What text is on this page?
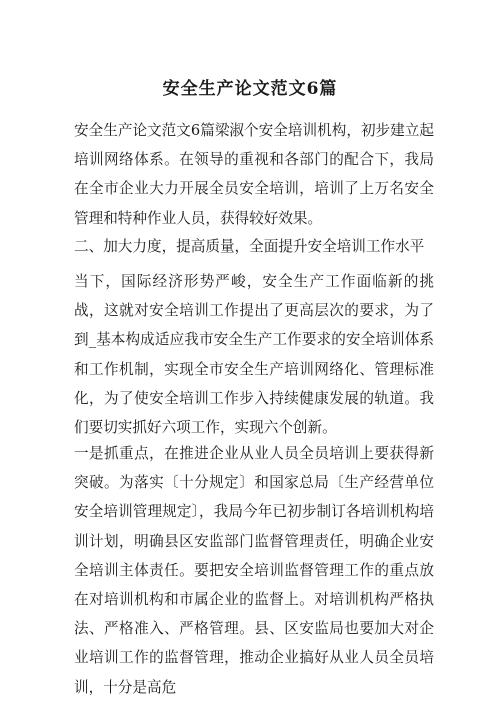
安全生产论文范文6篇

安全生产论文范文6篇梁淑个安全培训机构，初步建立起培训网络体系。在领导的重视和各部门的配合下，我局在全市企业大力开展全员安全培训，培训了上万名安全管理和特种作业人员，获得较好效果。

二、加大力度，提高质量，全面提升安全培训工作水平

当下，国际经济形势严峻，安全生产工作面临新的挑战，这就对安全培训工作提出了更高层次的要求，为了到_基本构成适应我市安全生产工作要求的安全培训体系和工作机制，实现全市安全生产培训网络化、管理标准化，为了使安全培训工作步入持续健康发展的轨道。我们要切实抓好六项工作，实现六个创新。

一是抓重点，在推进企业从业人员全员培训上要获得新突破。为落实〔十分规定〕和国家总局〔生产经营单位安全培训管理规定〕，我局今年已初步制订各培训机构培训计划，明确县区安监部门监督管理责任，明确企业安全培训主体责任。要把安全培训监督管理工作的重点放在对培训机构和市属企业的监督上。对培训机构严格执法、严格准入、严格管理。县、区安监局也要加大对企业培训工作的监督管理，推动企业搞好从业人员全员培训，十分是高危
